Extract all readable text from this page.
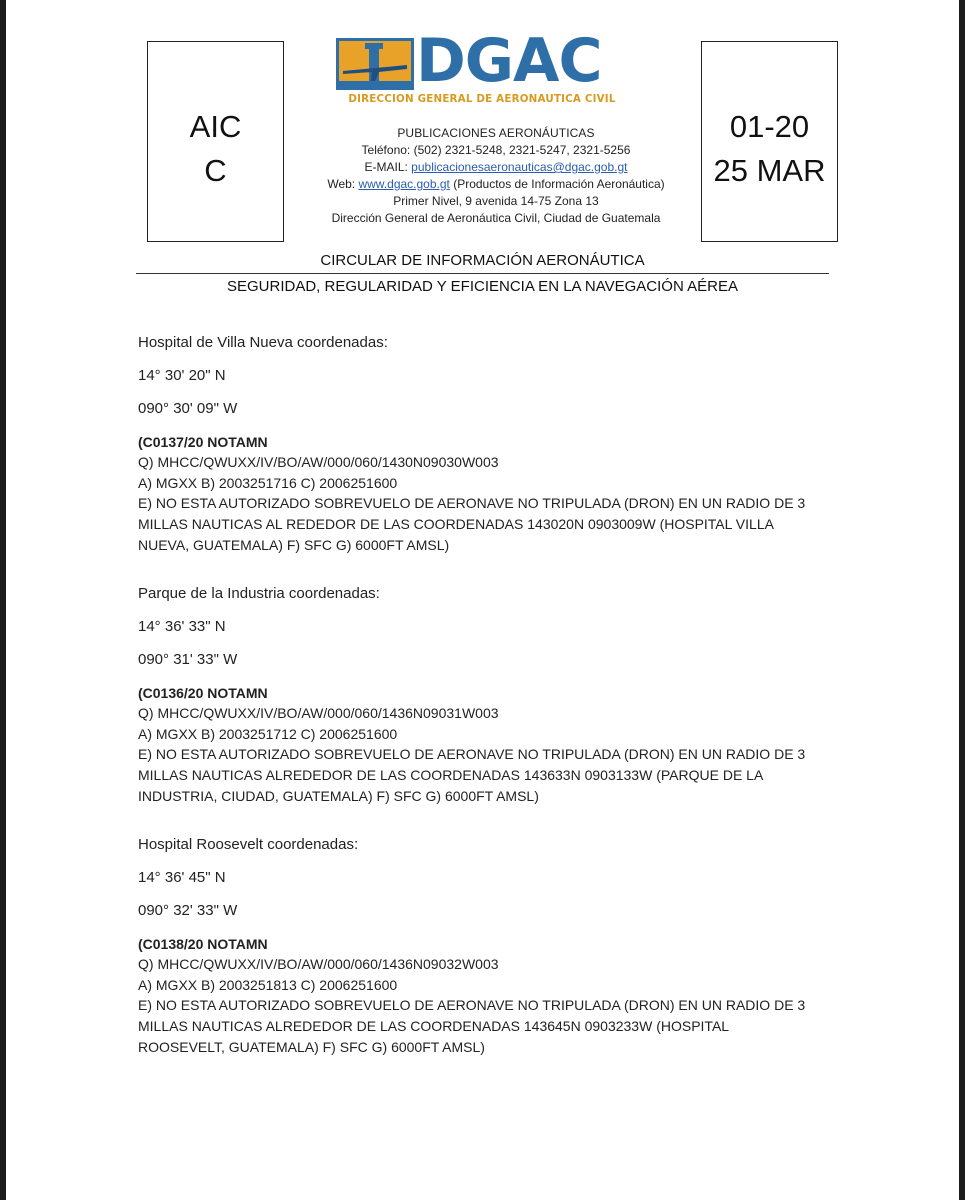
AIC
C
DGAC
DIRECCION GENERAL DE AERONAUTICA CIVIL
PUBLICACIONES AERONÁUTICAS
Teléfono: (502) 2321-5248, 2321-5247, 2321-5256
E-MAIL: publicacionesaeronauticas@dgac.gob.gt
Web: www.dgac.gob.gt (Productos de Información Aeronáutica)
Primer Nivel, 9 avenida 14-75 Zona 13
Dirección General de Aeronáutica Civil, Ciudad de Guatemala
01-20
25 MAR
CIRCULAR DE INFORMACIÓN AERONÁUTICA
SEGURIDAD, REGULARIDAD Y EFICIENCIA EN LA NAVEGACIÓN AÉREA
Hospital de Villa Nueva coordenadas:
14° 30' 20" N
090° 30' 09" W
(C0137/20 NOTAMN
Q) MHCC/QWUXX/IV/BO/AW/000/060/1430N09030W003
A) MGXX B) 2003251716 C) 2006251600
E) NO ESTA AUTORIZADO SOBREVUELO DE AERONAVE NO TRIPULADA (DRON) EN UN RADIO DE 3 MILLAS NAUTICAS AL REDEDOR DE LAS COORDENADAS 143020N 0903009W (HOSPITAL VILLA NUEVA, GUATEMALA) F) SFC G) 6000FT AMSL)
Parque de la Industria coordenadas:
14° 36' 33" N
090° 31' 33" W
(C0136/20 NOTAMN
Q) MHCC/QWUXX/IV/BO/AW/000/060/1436N09031W003
A) MGXX B) 2003251712 C) 2006251600
E) NO ESTA AUTORIZADO SOBREVUELO DE AERONAVE NO TRIPULADA (DRON) EN UN RADIO DE 3 MILLAS NAUTICAS ALREDEDOR DE LAS COORDENADAS 143633N 0903133W (PARQUE DE LA INDUSTRIA, CIUDAD, GUATEMALA) F) SFC G) 6000FT AMSL)
Hospital Roosevelt coordenadas:
14° 36' 45" N
090° 32' 33" W
(C0138/20 NOTAMN
Q) MHCC/QWUXX/IV/BO/AW/000/060/1436N09032W003
A) MGXX B) 2003251813 C) 2006251600
E) NO ESTA AUTORIZADO SOBREVUELO DE AERONAVE NO TRIPULADA (DRON) EN UN RADIO DE 3 MILLAS NAUTICAS ALREDEDOR DE LAS COORDENADAS 143645N 0903233W (HOSPITAL ROOSEVELT, GUATEMALA) F) SFC G) 6000FT AMSL)
